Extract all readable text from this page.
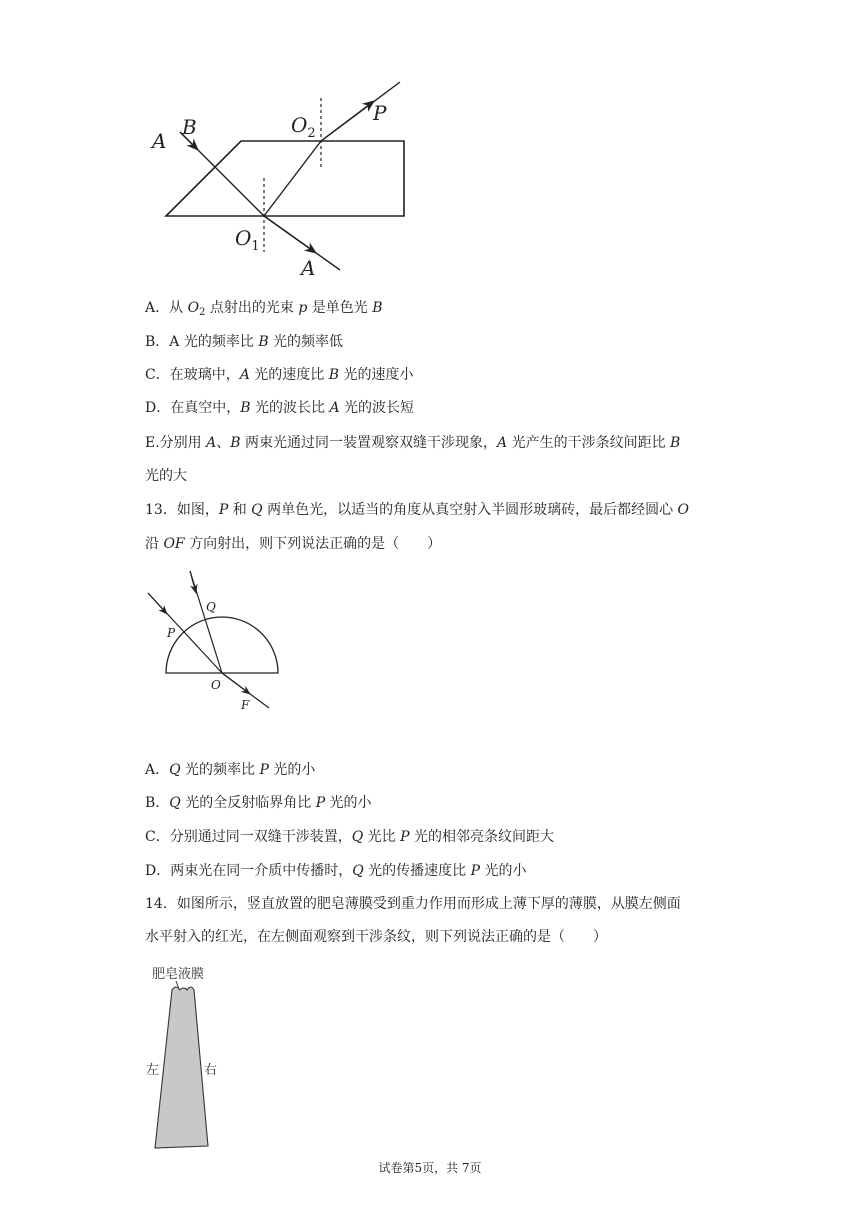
A
B	$O_2$
P
$O_1$
A
A．从 $O_2$ 点射出的光束 p 是单色光 B
B．A 光的频率比 B 光的频率低
C．在玻璃中，A 光的速度比 B 光的速度小
D．在真空中，B 光的波长比 A 光的波长短
E.分别用 A、B 两束光通过同一装置观察双缝干涉现象，A 光产生的干涉条纹间距比 B
光的大
13．如图，P 和 Q 两单色光，以适当的角度从真空射入半圆形玻璃砖，最后都经圆心 O
沿 OF 方向射出，则下列说法正确的是（　　）
Q
P
O
F
A．Q 光的频率比 P 光的小
B．Q 光的全反射临界角比 P 光的小
C．分别通过同一双缝干涉装置，Q 光比 P 光的相邻亮条纹间距大
D．两束光在同一介质中传播时，Q 光的传播速度比 P 光的小
14．如图所示，竖直放置的肥皂薄膜受到重力作用而形成上薄下厚的薄膜，从膜左侧面
水平射入的红光，在左侧面观察到干涉条纹，则下列说法正确的是（　　）
肥皂液膜
左	右
试卷第5页，共 7页
